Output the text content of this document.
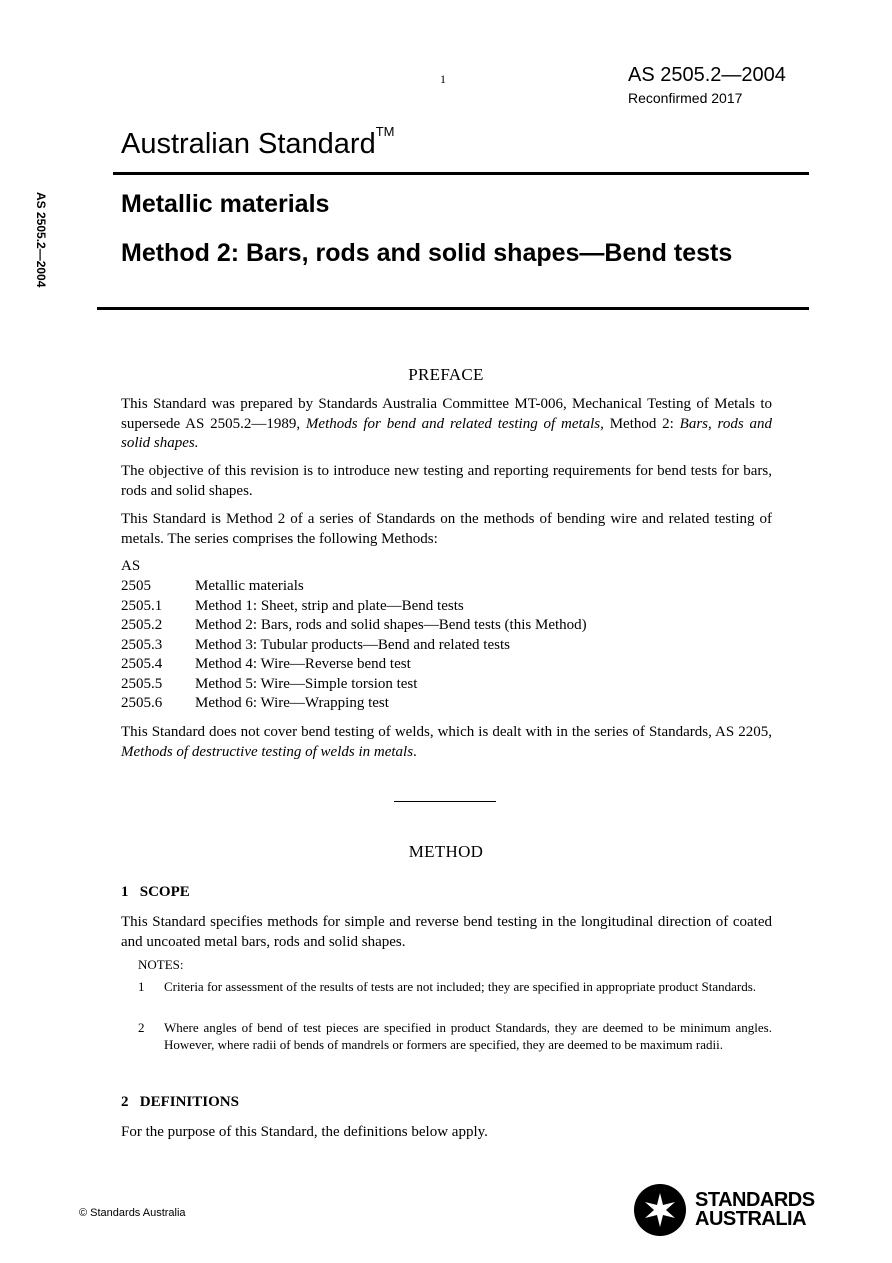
1	AS 2505.2—2004
Reconfirmed 2017
Australian Standard™
AS 2505.2—2004	Metallic materials
Method 2: Bars, rods and solid shapes—Bend tests
PREFACE
This Standard was prepared by Standards Australia Committee MT-006, Mechanical Testing of Metals to supersede AS 2505.2—1989, Methods for bend and related testing of metals, Method 2: Bars, rods and solid shapes.
The objective of this revision is to introduce new testing and reporting requirements for bend tests for bars, rods and solid shapes.
This Standard is Method 2 of a series of Standards on the methods of bending wire and related testing of metals. The series comprises the following Methods:
AS
2505	Metallic materials
2505.1	Method 1: Sheet, strip and plate—Bend tests
2505.2	Method 2: Bars, rods and solid shapes—Bend tests (this Method)
2505.3	Method 3: Tubular products—Bend and related tests
2505.4	Method 4: Wire—Reverse bend test
2505.5	Method 5: Wire—Simple torsion test
2505.6	Method 6: Wire—Wrapping test
This Standard does not cover bend testing of welds, which is dealt with in the series of Standards, AS 2205, Methods of destructive testing of welds in metals.
METHOD
1   SCOPE
This Standard specifies methods for simple and reverse bend testing in the longitudinal direction of coated and uncoated metal bars, rods and solid shapes.
NOTES:
1	Criteria for assessment of the results of tests are not included; they are specified in appropriate product Standards.
2	Where angles of bend of test pieces are specified in product Standards, they are deemed to be minimum angles. However, where radii of bends of mandrels or formers are specified, they are deemed to be maximum radii.
2   DEFINITIONS
For the purpose of this Standard, the definitions below apply.
© Standards Australia
STANDARDS
AUSTRALIA
